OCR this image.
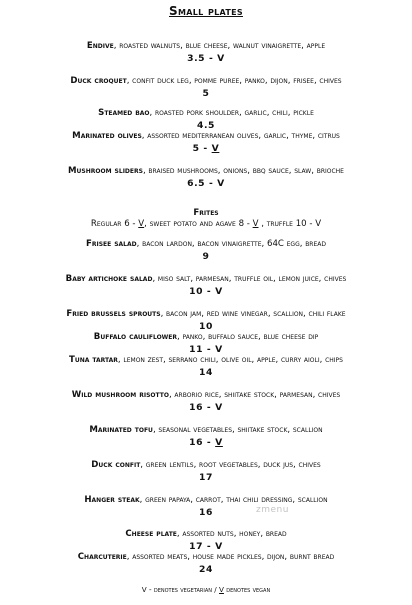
Small plates
Endive, roasted walnuts, blue cheese, walnut vinaigrette, apple
3.5 - V
Duck croquet, confit duck leg, pomme puree, panko, dijon, frisee, chives
5
Steamed bao, roasted pork shoulder, garlic, chili, pickle
4.5
Marinated olives, assorted mediterranean olives, garlic, thyme, citrus
5 - V
Mushroom sliders, braised mushrooms, onions, bbq sauce, slaw, brioche
6.5 - V
Frites
Regular 6 - V, sweet potato and agave 8 - V , truffle 10 - V
Frisee salad, bacon lardon, bacon vinaigrette, 64C egg, bread
9
Baby artichoke salad, miso salt, parmesan, truffle oil, lemon juice, chives
10 - V
Fried brussels sprouts, bacon jam, red wine vinegar, scallion, chili flake
10
Buffalo cauliflower, panko, buffalo sauce, blue cheese dip
11 - V
Tuna tartar, lemon zest, serrano chili, olive oil, apple, curry aioli, chips
14
Wild mushroom risotto, arborio rice, shiitake stock, parmesan, chives
16 - V
Marinated tofu, seasonal vegetables, shiitake stock, scallion
16 - V
Duck confit, green lentils, root vegetables, duck jus, chives
17
Hanger steak, green papaya, carrot, thai chili dressing, scallion
16
Cheese plate, assorted nuts, honey, bread
17 - V
Charcuterie, assorted meats, house made pickles, dijon, burnt bread
24
V - denotes vegetarian / V denotes vegan
zmenu
